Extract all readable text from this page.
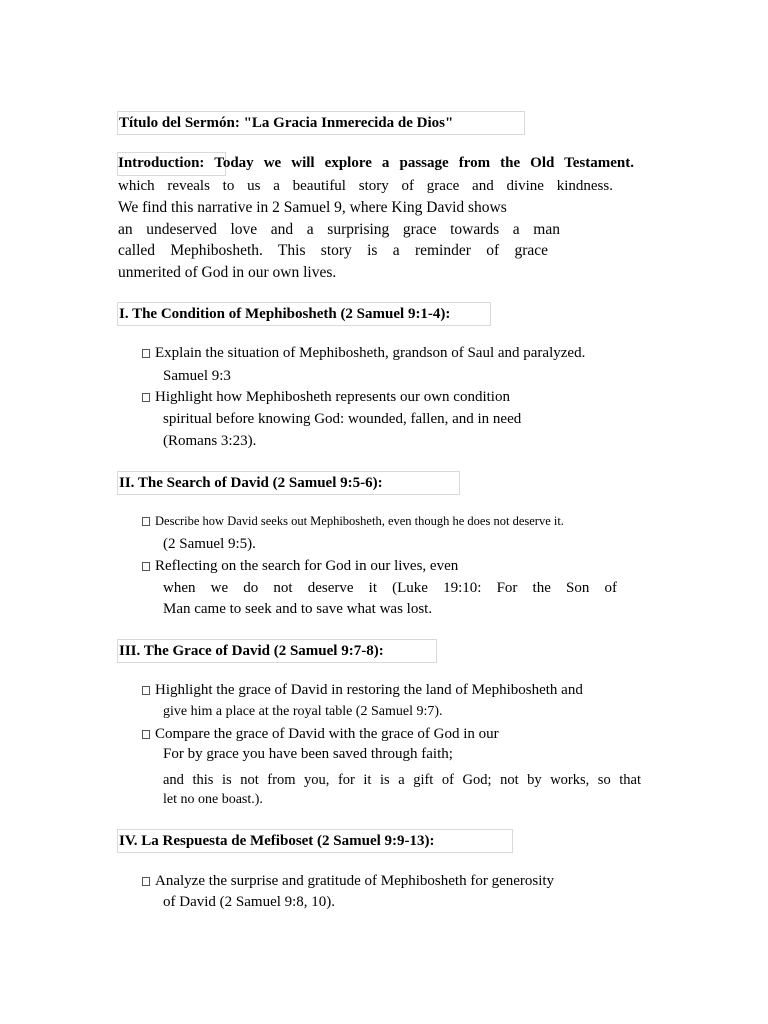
Título del Sermón: "La Gracia Inmerecida de Dios"
Introduction: Today we will explore a passage from the Old Testament.
which reveals to us a beautiful story of grace and divine kindness.
We find this narrative in 2 Samuel 9, where King David shows
an undeserved love and a surprising grace towards a man
called Mephibosheth. This story is a reminder of grace
unmerited of God in our own lives.
I. The Condition of Mephibosheth (2 Samuel 9:1-4):
Explain the situation of Mephibosheth, grandson of Saul and paralyzed.
Samuel 9:3
Highlight how Mephibosheth represents our own condition
spiritual before knowing God: wounded, fallen, and in need
(Romans 3:23).
II. The Search of David (2 Samuel 9:5-6):
Describe how David seeks out Mephibosheth, even though he does not deserve it.
(2 Samuel 9:5).
Reflecting on the search for God in our lives, even
when we do not deserve it (Luke 19:10: For the Son of
Man came to seek and to save what was lost.
III. The Grace of David (2 Samuel 9:7-8):
Highlight the grace of David in restoring the land of Mephibosheth and
give him a place at the royal table (2 Samuel 9:7).
Compare the grace of David with the grace of God in our
For by grace you have been saved through faith;
and this is not from you, for it is a gift of God; not by works, so that
let no one boast.).
IV. La Respuesta de Mefiboset (2 Samuel 9:9-13):
Analyze the surprise and gratitude of Mephibosheth for generosity
of David (2 Samuel 9:8, 10).
